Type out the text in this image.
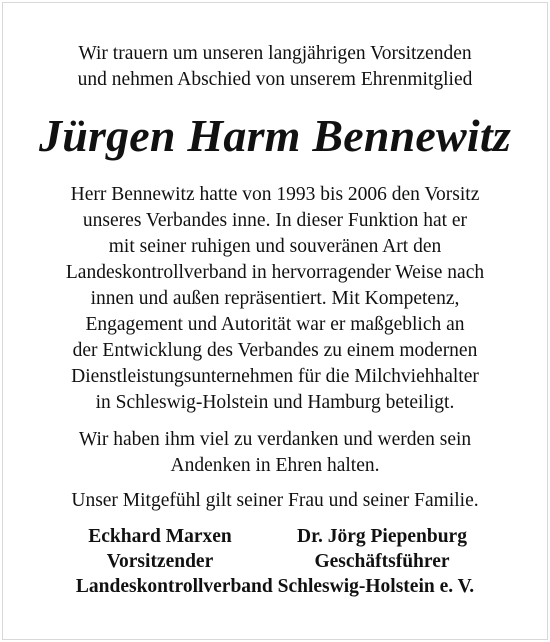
Wir trauern um unseren langjährigen Vorsitzenden
und nehmen Abschied von unserem Ehrenmitglied
Jürgen Harm Bennewitz
Herr Bennewitz hatte von 1993 bis 2006 den Vorsitz
unseres Verbandes inne. In dieser Funktion hat er
mit seiner ruhigen und souveränen Art den
Landeskontrollverband in hervorragender Weise nach
innen und außen repräsentiert. Mit Kompetenz,
Engagement und Autorität war er maßgeblich an
der Entwicklung des Verbandes zu einem modernen
Dienstleistungsunternehmen für die Milchviehhalter
in Schleswig-Holstein und Hamburg beteiligt.
Wir haben ihm viel zu verdanken und werden sein
Andenken in Ehren halten.
Unser Mitgefühl gilt seiner Frau und seiner Familie.
Eckhard Marxen
Vorsitzender
Dr. Jörg Piepenburg
Geschäftsführer
Landeskontrollverband Schleswig-Holstein e. V.
